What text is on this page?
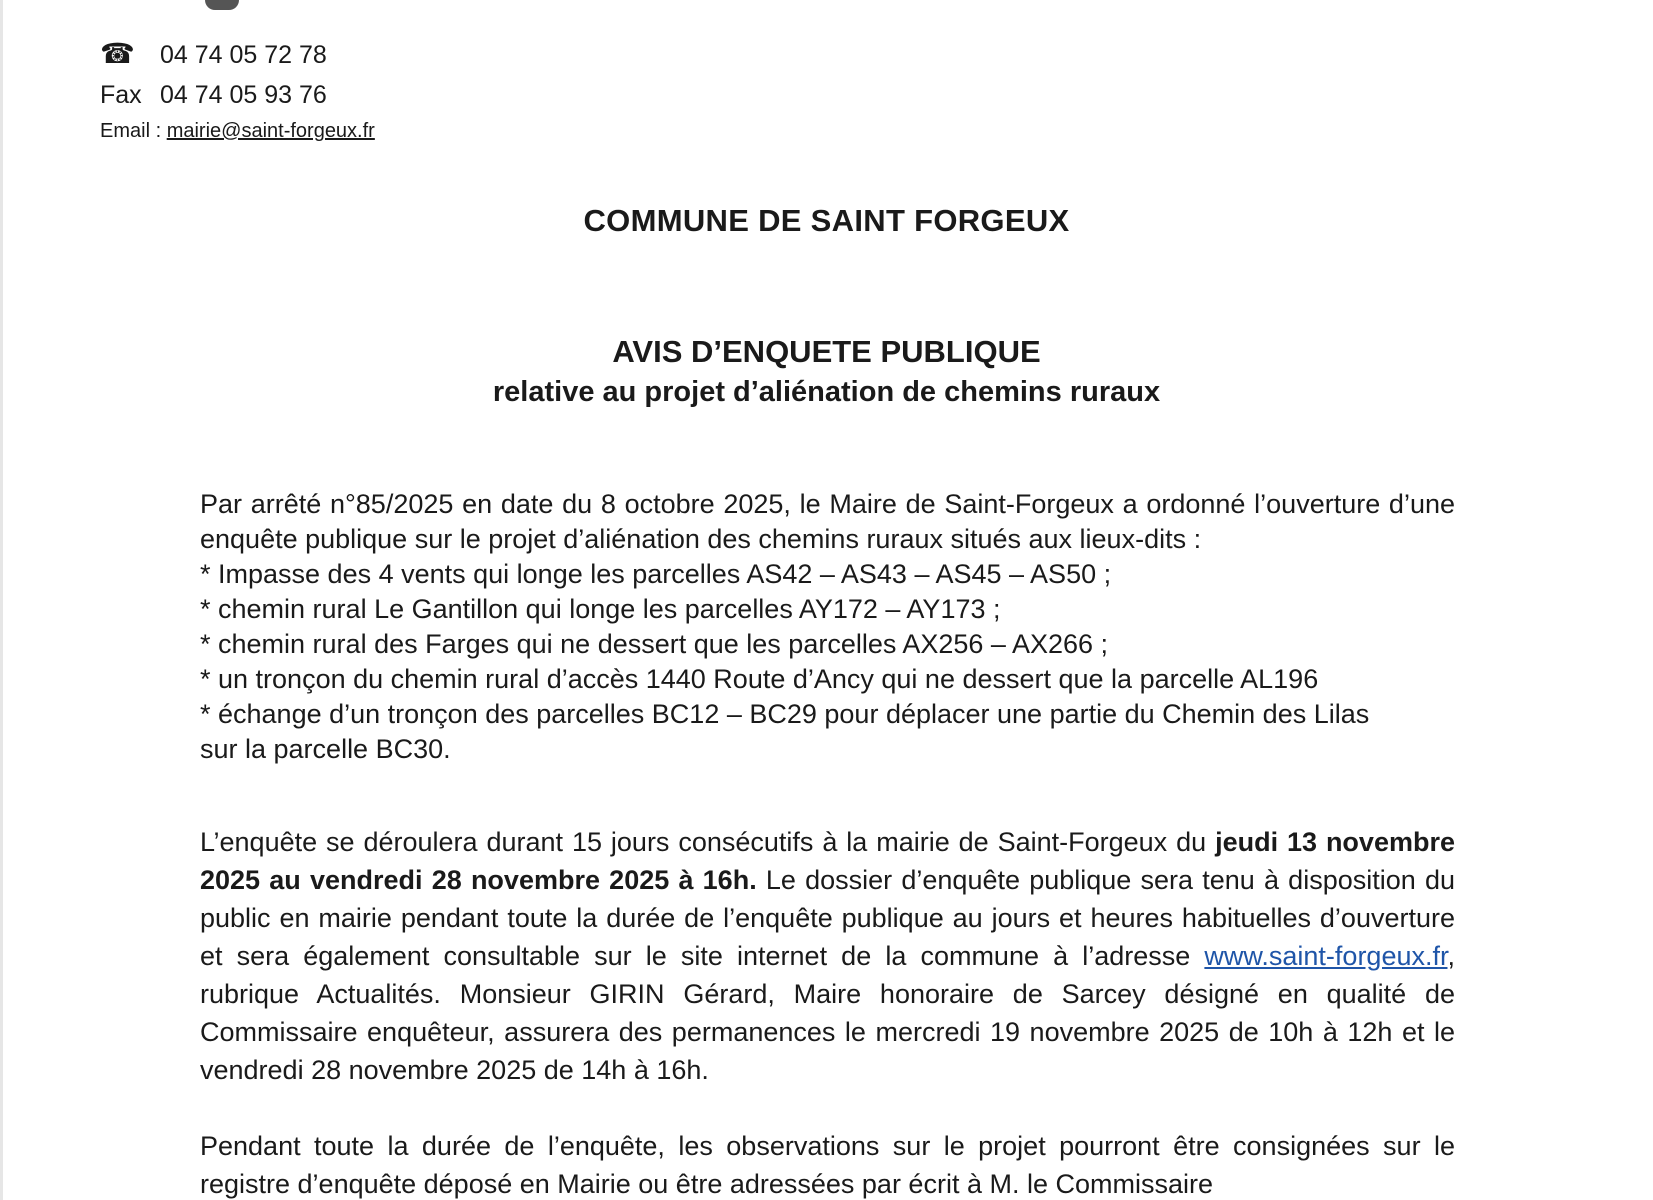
☎ 04 74 05 72 78
Fax 04 74 05 93 76
Email : mairie@saint-forgeux.fr
COMMUNE DE SAINT FORGEUX
AVIS D’ENQUETE PUBLIQUE
relative au projet d’aliénation de chemins ruraux
Par arrêté n°85/2025 en date du 8 octobre 2025, le Maire de Saint-Forgeux a ordonné l’ouverture d’une enquête publique sur le projet d’aliénation des chemins ruraux situés aux lieux-dits :
* Impasse des 4 vents qui longe les parcelles AS42 – AS43 – AS45 – AS50 ;
* chemin rural Le Gantillon qui longe les parcelles AY172 – AY173 ;
* chemin rural des Farges qui ne dessert que les parcelles AX256 – AX266 ;
* un tronçon du chemin rural d’accès 1440 Route d’Ancy qui ne dessert que la parcelle AL196
* échange d’un tronçon des parcelles BC12 – BC29 pour déplacer une partie du Chemin des Lilas
sur la parcelle BC30.
L’enquête se déroulera durant 15 jours consécutifs à la mairie de Saint-Forgeux du jeudi 13 novembre 2025 au vendredi 28 novembre 2025 à 16h. Le dossier d’enquête publique sera tenu à disposition du public en mairie pendant toute la durée de l’enquête publique au jours et heures habituelles d’ouverture et sera également consultable sur le site internet de la commune à l’adresse www.saint-forgeux.fr, rubrique Actualités. Monsieur GIRIN Gérard, Maire honoraire de Sarcey désigné en qualité de Commissaire enquêteur, assurera des permanences le mercredi 19 novembre 2025 de 10h à 12h et le vendredi 28 novembre 2025 de 14h à 16h.
Pendant toute la durée de l’enquête, les observations sur le projet pourront être consignées sur le registre d’enquête déposé en Mairie ou être adressées par écrit à M. le Commissaire
